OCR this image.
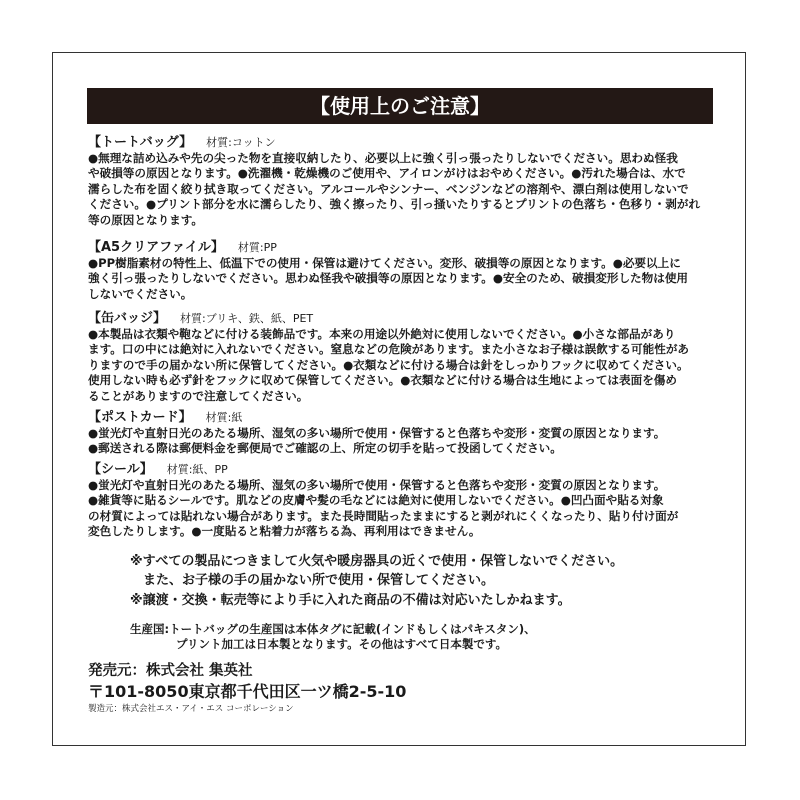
【使用上のご注意】
【トートバッグ】 材質:コットン
●無理な詰め込みや先の尖った物を直接収納したり、必要以上に強く引っ張ったりしないでください。思わぬ怪我
や破損等の原因となります。●洗濯機・乾燥機のご使用や、アイロンがけはおやめください。●汚れた場合は、水で
濡らした布を固く絞り拭き取ってください。アルコールやシンナー、ベンジンなどの溶剤や、漂白剤は使用しないで
ください。●プリント部分を水に濡らしたり、強く擦ったり、引っ掻いたりするとプリントの色落ち・色移り・剥がれ
等の原因となります。
【A5クリアファイル】 材質:PP
●PP樹脂素材の特性上、低温下での使用・保管は避けてください。変形、破損等の原因となります。●必要以上に
強く引っ張ったりしないでください。思わぬ怪我や破損等の原因となります。●安全のため、破損変形した物は使用
しないでください。
【缶バッジ】 材質:ブリキ、鉄、紙、PET
●本製品は衣類や鞄などに付ける装飾品です。本来の用途以外絶対に使用しないでください。●小さな部品があり
ます。口の中には絶対に入れないでください。窒息などの危険があります。また小さなお子様は誤飲する可能性があ
りますので手の届かない所に保管してください。●衣類などに付ける場合は針をしっかりフックに収めてください。
使用しない時も必ず針をフックに収めて保管してください。●衣類などに付ける場合は生地によっては表面を傷め
ることがありますので注意してください。
【ポストカード】 材質:紙
●蛍光灯や直射日光のあたる場所、湿気の多い場所で使用・保管すると色落ちや変形・変質の原因となります。
●郵送される際は郵便料金を郵便局でご確認の上、所定の切手を貼って投函してください。
【シール】 材質:紙、PP
●蛍光灯や直射日光のあたる場所、湿気の多い場所で使用・保管すると色落ちや変形・変質の原因となります。
●雑貨等に貼るシールです。肌などの皮膚や髪の毛などには絶対に使用しないでください。●凹凸面や貼る対象
の材質によっては貼れない場合があります。また長時間貼ったままにすると剥がれにくくなったり、貼り付け面が
変色したりします。●一度貼ると粘着力が落ちる為、再利用はできません。
※すべての製品につきまして火気や暖房器具の近くで使用・保管しないでください。
　また、お子様の手の届かない所で使用・保管してください。
※譲渡・交換・転売等により手に入れた商品の不備は対応いたしかねます。
生産国:トートバッグの生産国は本体タグに記載(インドもしくはパキスタン)、
　　　　プリント加工は日本製となります。その他はすべて日本製です。
発売元：株式会社 集英社
〒101-8050東京都千代田区一ツ橋2-5-10
製造元：株式会社エス・アイ・エス コーポレーション
